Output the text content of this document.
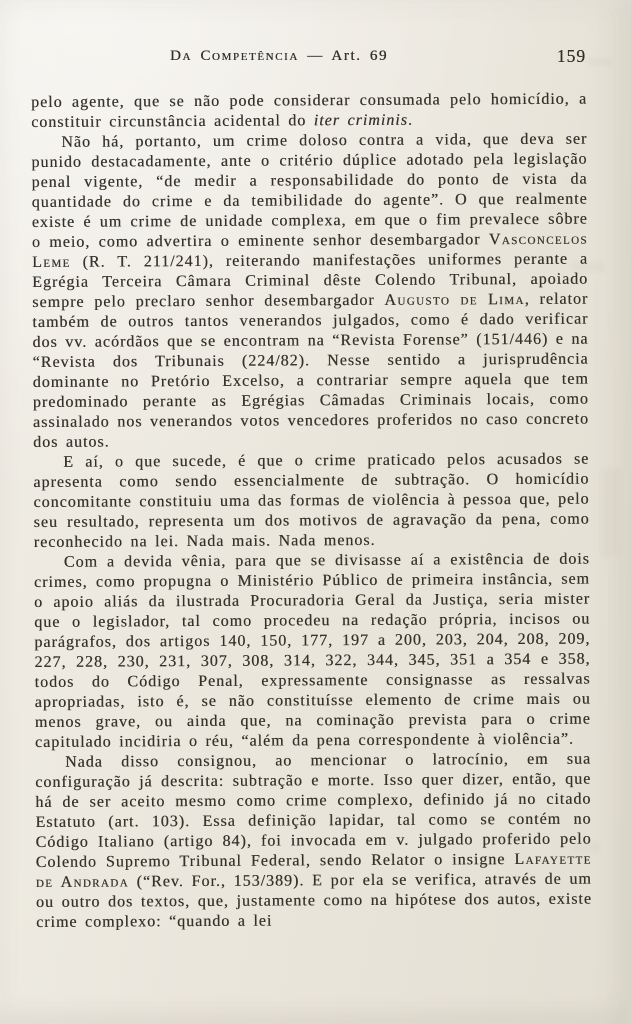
Da Competência — Art. 69	159

pelo agente, que se não pode considerar consumada pelo homicídio, a constituir circunstância acidental do iter criminis.

Não há, portanto, um crime doloso contra a vida, que deva ser punido destacadamente, ante o critério dúplice adotado pela legislação penal vigente, “de medir a responsabilidade do ponto de vista da quantidade do crime e da temibilidade do agente”. O que realmente existe é um crime de unidade complexa, em que o fim prevalece sôbre o meio, como advertira o eminente senhor desembargador Vasconcelos Leme (R. T. 211/241), reiterando manifestações uniformes perante a Egrégia Terceira Câmara Criminal dêste Colendo Tribunal, apoiado sempre pelo preclaro senhor desembargador Augusto de Lima, relator também de outros tantos venerandos julgados, como é dado verificar dos vv. acórdãos que se encontram na “Revista Forense” (151/446) e na “Revista dos Tribunais (224/82). Nesse sentido a jurisprudência dominante no Pretório Excelso, a contrariar sempre aquela que tem predominado perante as Egrégias Câmadas Criminais locais, como assinalado nos venerandos votos vencedores proferidos no caso concreto dos autos.

E aí, o que sucede, é que o crime praticado pelos acusados se apresenta como sendo essencialmente de subtração. O homicídio concomitante constituiu uma das formas de violência à pessoa que, pelo seu resultado, representa um dos motivos de agravação da pena, como reconhecido na lei. Nada mais. Nada menos.

Com a devida vênia, para que se divisasse aí a existência de dois crimes, como propugna o Ministério Público de primeira instância, sem o apoio aliás da ilustrada Procuradoria Geral da Justiça, seria mister que o legislador, tal como procedeu na redação própria, incisos ou parágrafos, dos artigos 140, 150, 177, 197 a 200, 203, 204, 208, 209, 227, 228, 230, 231, 307, 308, 314, 322, 344, 345, 351 a 354 e 358, todos do Código Penal, expressamente consignasse as ressalvas apropriadas, isto é, se não constituísse elemento de crime mais ou menos grave, ou ainda que, na cominação prevista para o crime capitulado incidiria o réu, “além da pena correspondente à violência”.

Nada disso consignou, ao mencionar o latrocínio, em sua configuração já descrita: subtração e morte. Isso quer dizer, então, que há de ser aceito mesmo como crime complexo, definido já no citado Estatuto (art. 103). Essa definição lapidar, tal como se contém no Código Italiano (artigo 84), foi invocada em v. julgado proferido pelo Colendo Supremo Tribunal Federal, sendo Relator o insigne Lafayette de Andrada (“Rev. For., 153/389). E por ela se verifica, através de um ou outro dos textos, que, justamente como na hipótese dos autos, existe crime complexo: “quando a lei
